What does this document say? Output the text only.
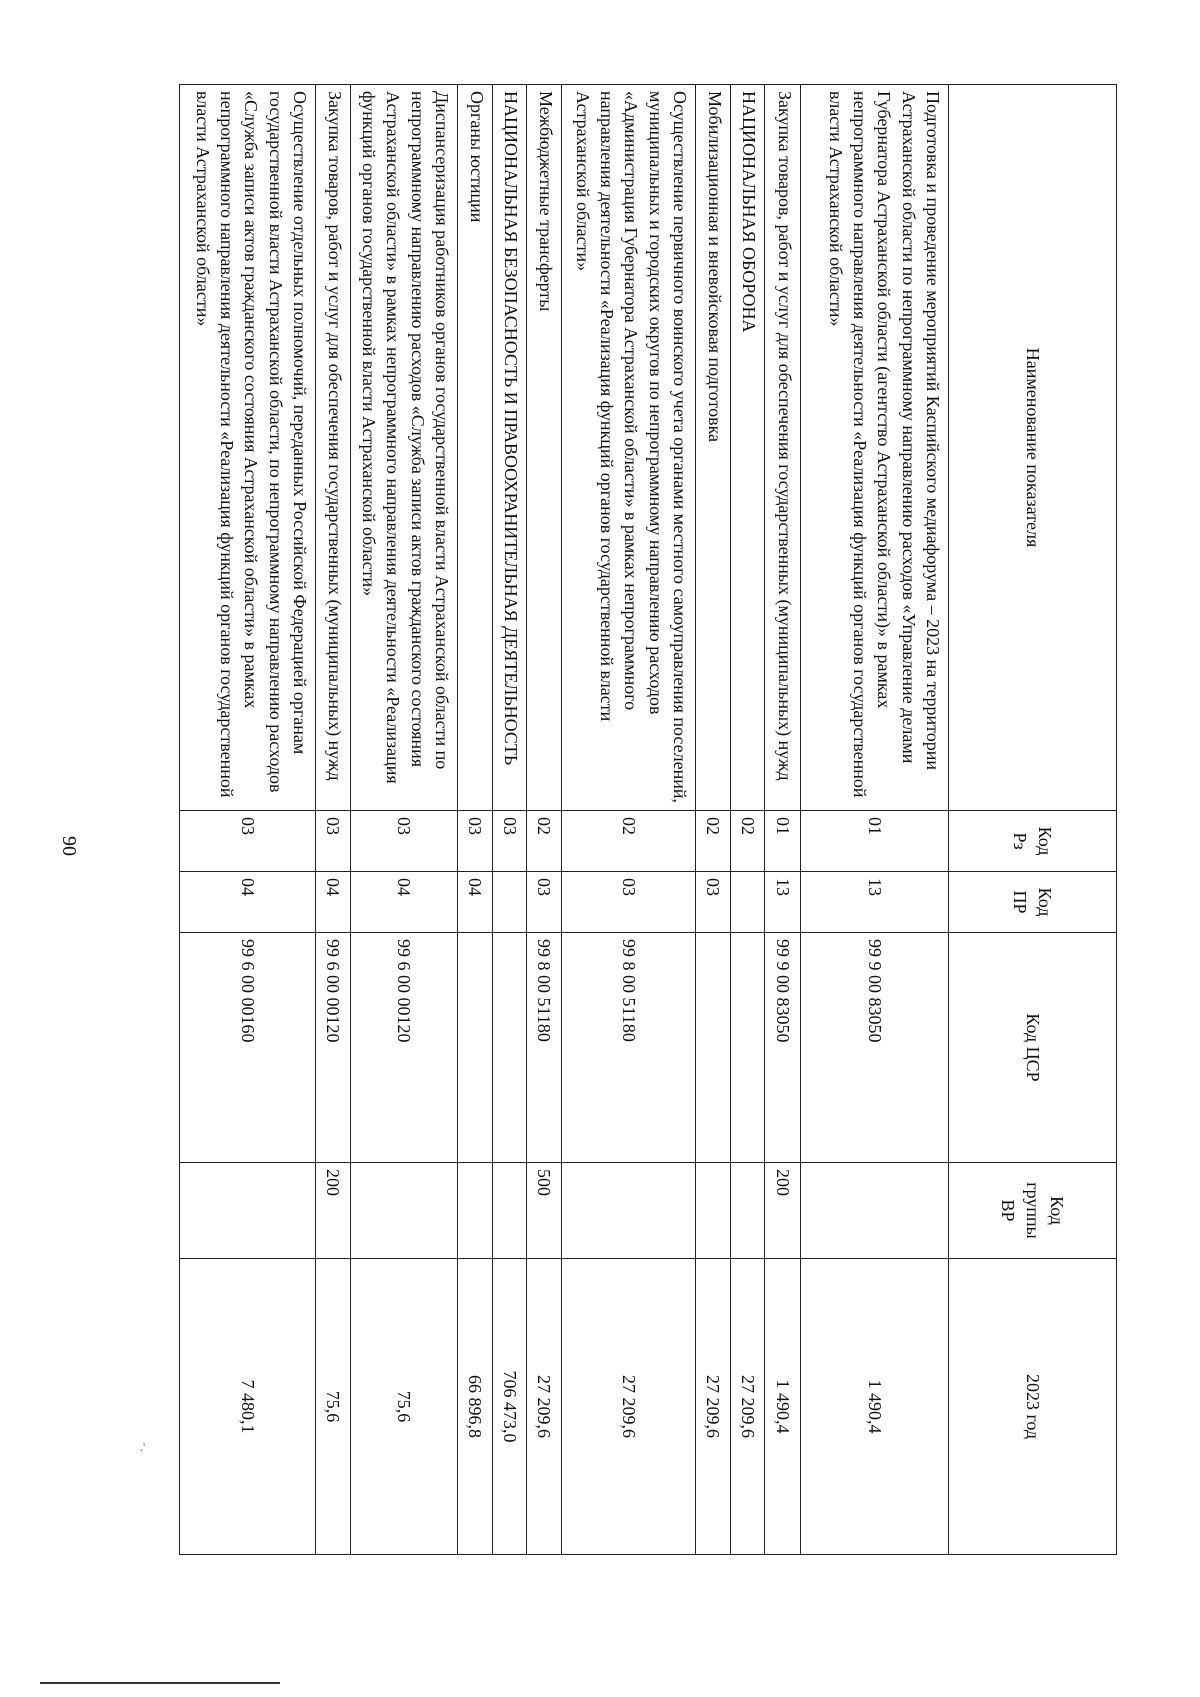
90
.'
Наименование показателя	Код Рз	Код ПР	Код ЦСР	Код группы ВР	2023 год
Подготовка и проведение мероприятий Каспийского медиафорума – 2023 на территории Астраханской области по непрограммному направлению расходов «Управление делами Губернатора Астраханской области (агентство Астраханской области)» в рамках непрограммного направления деятельности «Реализация функций органов государственной власти Астраханской области»	01	13	99 9 00 83050		1 490,4
Закупка товаров, работ и услуг для обеспечения государственных (муниципальных) нужд	01	13	99 9 00 83050	200	1 490,4
НАЦИОНАЛЬНАЯ ОБОРОНА	02				27 209,6
Мобилизационная и вневойсковая подготовка	02	03			27 209,6
Осуществление первичного воинского учета органами местного самоуправления поселений, муниципальных и городских округов по непрограммному направлению расходов «Администрация Губернатора Астраханской области» в рамках непрограммного направления деятельности «Реализация функций органов государственной власти Астраханской области»	02	03	99 8 00 51180		27 209,6
Межбюджетные трансферты	02	03	99 8 00 51180	500	27 209,6
НАЦИОНАЛЬНАЯ БЕЗОПАСНОСТЬ И ПРАВООХРАНИТЕЛЬНАЯ ДЕЯТЕЛЬНОСТЬ	03				706 473,0
Органы юстиции	03	04			66 896,8
Диспансеризация работников органов государственной власти Астраханской области по непрограммному направлению расходов «Служба записи актов гражданского состояния Астраханской области» в рамках непрограммного направления деятельности «Реализация функций органов государственной власти Астраханской области»	03	04	99 6 00 00120		75,6
Закупка товаров, работ и услуг для обеспечения государственных (муниципальных) нужд	03	04	99 6 00 00120	200	75,6
Осуществление отдельных полномочий, переданных Российской Федерацией органам государственной власти Астраханской области, по непрограммному направлению расходов «Служба записи актов гражданского состояния Астраханской области» в рамках непрограммного направления деятельности «Реализация функций органов государственной власти Астраханской области»	03	04	99 6 00 00160		7 480,1
